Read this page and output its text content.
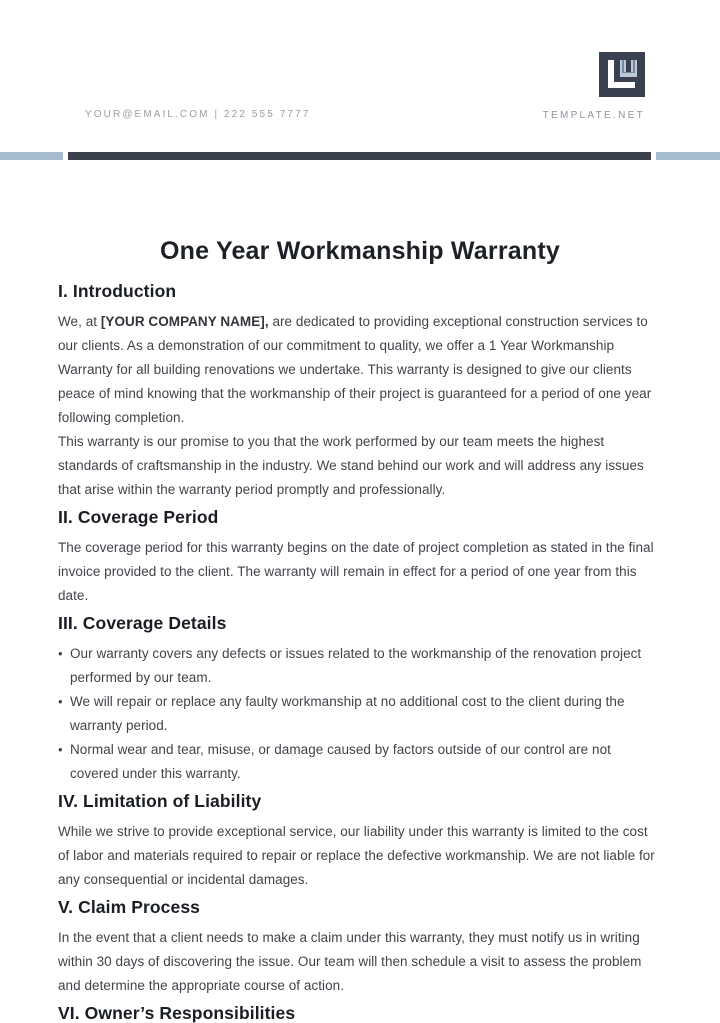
YOUR@EMAIL.COM | 222 555 7777	TEMPLATE.NET
One Year Workmanship Warranty
I. Introduction

We, at [YOUR COMPANY NAME], are dedicated to providing exceptional construction services to our clients. As a demonstration of our commitment to quality, we offer a 1 Year Workmanship Warranty for all building renovations we undertake. This warranty is designed to give our clients peace of mind knowing that the workmanship of their project is guaranteed for a period of one year following completion.

This warranty is our promise to you that the work performed by our team meets the highest standards of craftsmanship in the industry. We stand behind our work and will address any issues that arise within the warranty period promptly and professionally.

II. Coverage Period

The coverage period for this warranty begins on the date of project completion as stated in the final invoice provided to the client. The warranty will remain in effect for a period of one year from this date.

III. Coverage Details
• Our warranty covers any defects or issues related to the workmanship of the renovation project performed by our team.
• We will repair or replace any faulty workmanship at no additional cost to the client during the warranty period.
• Normal wear and tear, misuse, or damage caused by factors outside of our control are not covered under this warranty.
IV. Limitation of Liability

While we strive to provide exceptional service, our liability under this warranty is limited to the cost of labor and materials required to repair or replace the defective workmanship. We are not liable for any consequential or incidental damages.

V. Claim Process

In the event that a client needs to make a claim under this warranty, they must notify us in writing within 30 days of discovering the issue. Our team will then schedule a visit to assess the problem and determine the appropriate course of action.

VI. Owner’s Responsibilities
